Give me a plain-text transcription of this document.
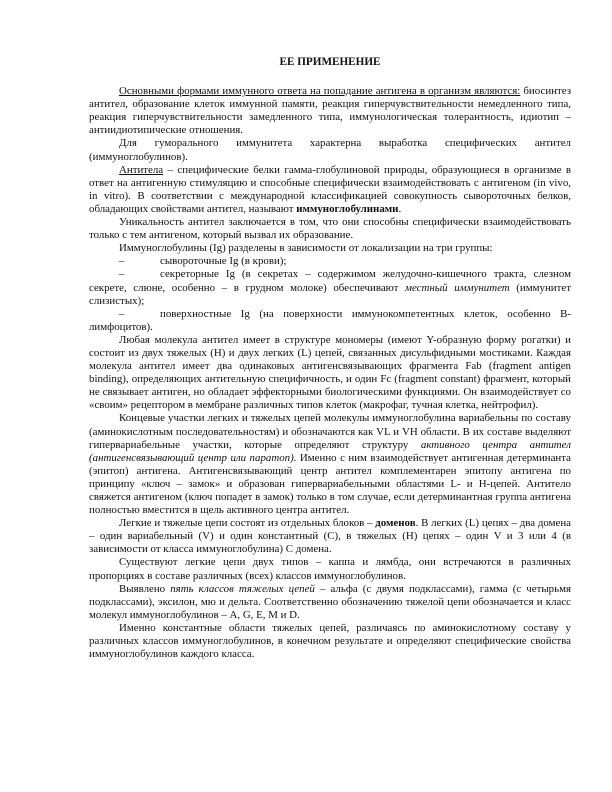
ЕЕ ПРИМЕНЕНИЕ

Основными формами иммунного ответа на попадание антигена в организм являются: биосинтез антител, образование клеток иммунной памяти, реакция гиперчувствительности немедленного типа, реакция гиперчувствительности замедленного типа, иммунологическая толерантность, идиотип – антиидиотипические отношения.

Для гуморального иммунитета характерна выработка специфических антител (иммуноглобулинов).

Антитела – специфические белки гамма-глобулиновой природы, образующиеся в организме в ответ на антигенную стимуляцию и способные специфически взаимодействовать с антигеном (in vivo, in vitro). В соответствии с международной классификацией совокупность сывороточных белков, обладающих свойствами антител, называют иммуноглобулинами.

Уникальность антител заключается в том, что они способны специфически взаимодействовать только с тем антигеном, который вызвал их образование.

Иммуноглобулины (Ig) разделены в зависимости от локализации на три группы:

–	сывороточные Ig (в крови);
–	секреторные Ig (в секретах – содержимом желудочно-кишечного тракта, слезном секрете, слюне, особенно – в грудном молоке) обеспечивают местный иммунитет (иммунитет слизистых);
–	поверхностные Ig (на поверхности иммунокомпетентных клеток, особенно B-лимфоцитов).

Любая молекула антител имеет в структуре мономеры (имеют Y-образную форму рогатки) и состоит из двух тяжелых (H) и двух легких (L) цепей, связанных дисульфидными мостиками. Каждая молекула антител имеет два одинаковых антигенсвязывающих фрагмента Fab (fragment antigen binding), определяющих антительную специфичность, и один Fc (fragment constant) фрагмент, который не связывает антиген, но обладает эффекторными биологическими функциями. Он взаимодействует со «своим» рецептором в мембране различных типов клеток (макрофаг, тучная клетка, нейтрофил).

Концевые участки легких и тяжелых цепей молекулы иммуноглобулина вариабельны по составу (аминокислотным последовательностям) и обозначаются как VL и VH области. В их составе выделяют гипервариабельные участки, которые определяют структуру активного центра антител (антигенсвязывающий центр или паратоп). Именно с ним взаимодействует антигенная детерминанта (эпитоп) антигена. Антигенсвязывающий центр антител комплементарен эпитопу антигена по принципу «ключ – замок» и образован гипервариабельными областями L- и H-цепей. Антитело свяжется антигеном (ключ попадет в замок) только в том случае, если детерминантная группа антигена полностью вместится в щель активного центра антител.

Легкие и тяжелые цепи состоят из отдельных блоков – доменов. В легких (L) цепях – два домена – один вариабельный (V) и один константный (C), в тяжелых (H) цепях – один V и 3 или 4 (в зависимости от класса иммуноглобулина) C домена.

Существуют легкие цепи двух типов – каппа и лямбда, они встречаются в различных пропорциях в составе различных (всех) классов иммуноглобулинов.

Выявлено пять классов тяжелых цепей – альфа (с двумя подклассами), гамма (с четырьмя подклассами), эксилон, мю и дельта. Соответственно обозначению тяжелой цепи обозначается и класс молекул иммуноглобулинов – A, G, E, M и D.

Именно константные области тяжелых цепей, различаясь по аминокислотному составу у различных классов иммуноглобулинов, в конечном результате и определяют специфические свойства иммуноглобулинов каждого класса.
